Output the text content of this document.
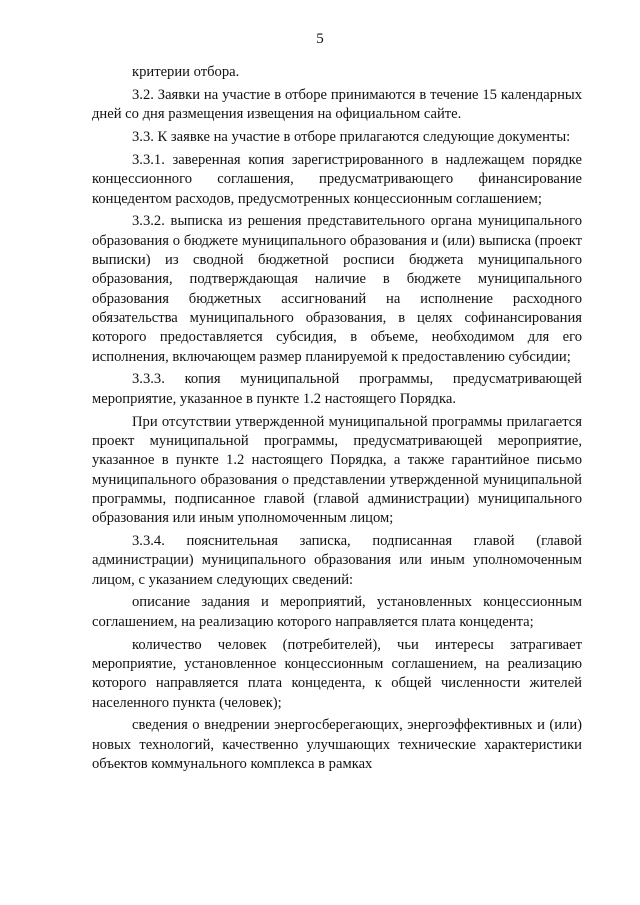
5

критерии отбора.

3.2. Заявки на участие в отборе принимаются в течение 15 календарных дней со дня размещения извещения на официальном сайте.

3.3. К заявке на участие в отборе прилагаются следующие документы:

3.3.1. заверенная копия зарегистрированного в надлежащем порядке концессионного соглашения, предусматривающего финансирование концедентом расходов, предусмотренных концессионным соглашением;

3.3.2. выписка из решения представительного органа муниципального образования о бюджете муниципального образования и (или) выписка (проект выписки) из сводной бюджетной росписи бюджета муниципального образования, подтверждающая наличие в бюджете муниципального образования бюджетных ассигнований на исполнение расходного обязательства муниципального образования, в целях софинансирования которого предоставляется субсидия, в объеме, необходимом для его исполнения, включающем размер планируемой к предоставлению субсидии;

3.3.3. копия муниципальной программы, предусматривающей мероприятие, указанное в пункте 1.2 настоящего Порядка.

При отсутствии утвержденной муниципальной программы прилагается проект муниципальной программы, предусматривающей мероприятие, указанное в пункте 1.2 настоящего Порядка, а также гарантийное письмо муниципального образования о представлении утвержденной муниципальной программы, подписанное главой (главой администрации) муниципального образования или иным уполномоченным лицом;

3.3.4. пояснительная записка, подписанная главой (главой администрации) муниципального образования или иным уполномоченным лицом, с указанием следующих сведений:

описание задания и мероприятий, установленных концессионным соглашением, на реализацию которого направляется плата концедента;

количество человек (потребителей), чьи интересы затрагивает мероприятие, установленное концессионным соглашением, на реализацию которого направляется плата концедента, к общей численности жителей населенного пункта (человек);

сведения о внедрении энергосберегающих, энергоэффективных и (или) новых технологий, качественно улучшающих технические характеристики объектов коммунального комплекса в рамках
